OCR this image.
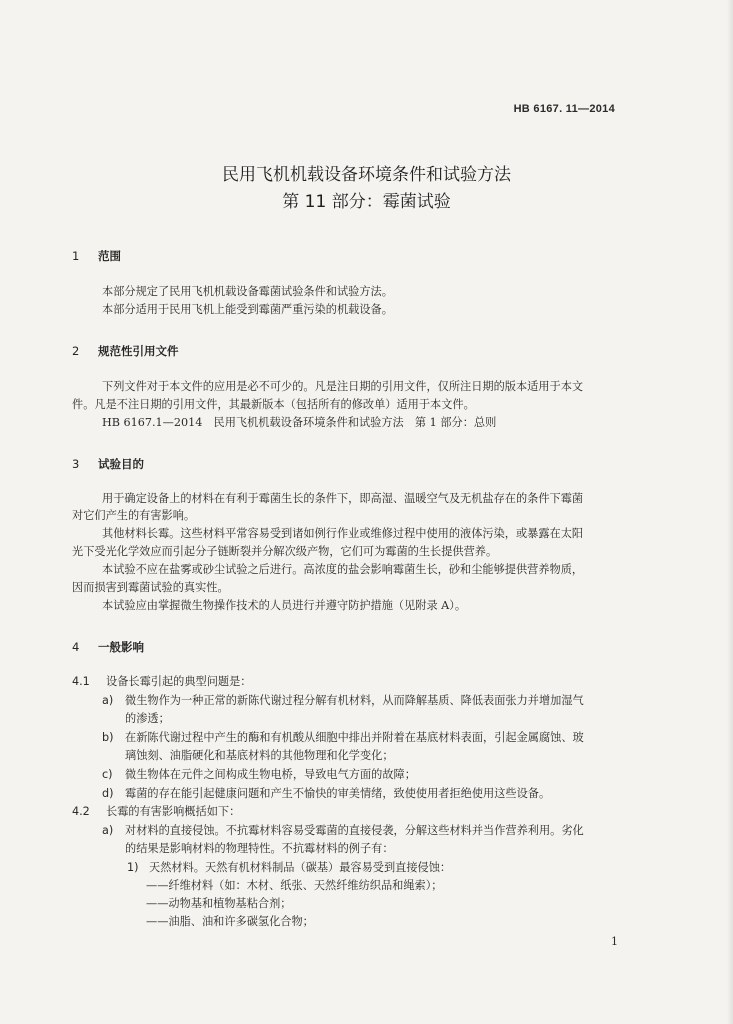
HB 6167. 11—2014
民用飞机机载设备环境条件和试验方法
第 11 部分：霉菌试验
1 范围
本部分规定了民用飞机机载设备霉菌试验条件和试验方法。
本部分适用于民用飞机上能受到霉菌严重污染的机载设备。
2 规范性引用文件
下列文件对于本文件的应用是必不可少的。凡是注日期的引用文件，仅所注日期的版本适用于本文
件。凡是不注日期的引用文件，其最新版本（包括所有的修改单）适用于本文件。
HB 6167.1—2014　民用飞机机载设备环境条件和试验方法　第 1 部分：总则
3 试验目的
用于确定设备上的材料在有利于霉菌生长的条件下，即高湿、温暖空气及无机盐存在的条件下霉菌
对它们产生的有害影响。
其他材料长霉。这些材料平常容易受到诸如例行作业或维修过程中使用的液体污染，或暴露在太阳
光下受光化学效应而引起分子链断裂并分解次级产物，它们可为霉菌的生长提供营养。
本试验不应在盐雾或砂尘试验之后进行。高浓度的盐会影响霉菌生长，砂和尘能够提供营养物质，
因而损害到霉菌试验的真实性。
本试验应由掌握微生物操作技术的人员进行并遵守防护措施（见附录 A）。
4 一般影响
4.1 设备长霉引起的典型问题是：
a) 微生物作为一种正常的新陈代谢过程分解有机材料，从而降解基质、降低表面张力并增加湿气
的渗透；
b) 在新陈代谢过程中产生的酶和有机酸从细胞中排出并附着在基底材料表面，引起金属腐蚀、玻
璃蚀刻、油脂硬化和基底材料的其他物理和化学变化；
c) 微生物体在元件之间构成生物电桥，导致电气方面的故障；
d) 霉菌的存在能引起健康问题和产生不愉快的审美情绪，致使使用者拒绝使用这些设备。
4.2 长霉的有害影响概括如下：
a) 对材料的直接侵蚀。不抗霉材料容易受霉菌的直接侵袭，分解这些材料并当作营养利用。劣化
的结果是影响材料的物理特性。不抗霉材料的例子有：
1) 天然材料。天然有机材料制品（碳基）最容易受到直接侵蚀：
——纤维材料（如：木材、纸张、天然纤维纺织品和绳索）；
——动物基和植物基粘合剂；
——油脂、油和许多碳氢化合物；
1
